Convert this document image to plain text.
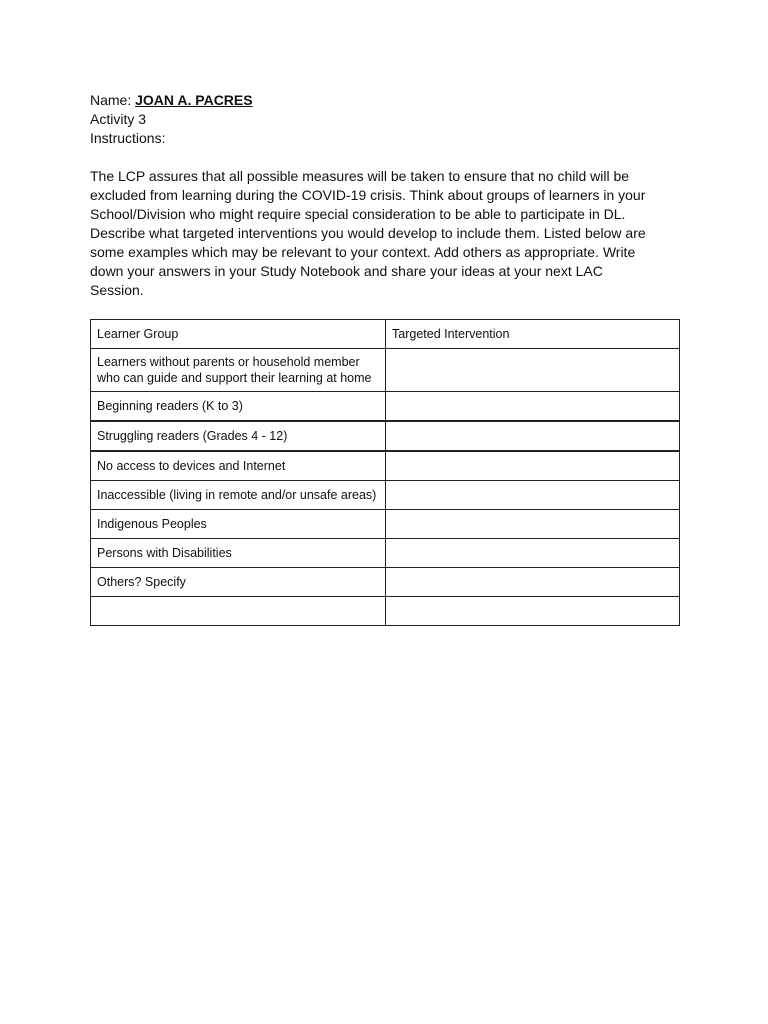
Name: JOAN A. PACRES

Activity 3

Instructions:

The LCP assures that all possible measures will be taken to ensure that no child will be excluded from learning during the COVID-19 crisis. Think about groups of learners in your School/Division who might require special consideration to be able to participate in DL. Describe what targeted interventions you would develop to include them. Listed below are some examples which may be relevant to your context. Add others as appropriate. Write down your answers in your Study Notebook and share your ideas at your next LAC Session.

Learner Group	Targeted Intervention
Learners without parents or household member who can guide and support their learning at home	
Beginning readers (K to 3)	
Struggling readers (Grades 4 - 12)	
No access to devices and Internet	
Inaccessible (living in remote and/or unsafe areas)	
Indigenous Peoples	
Persons with Disabilities	
Others? Specify	
